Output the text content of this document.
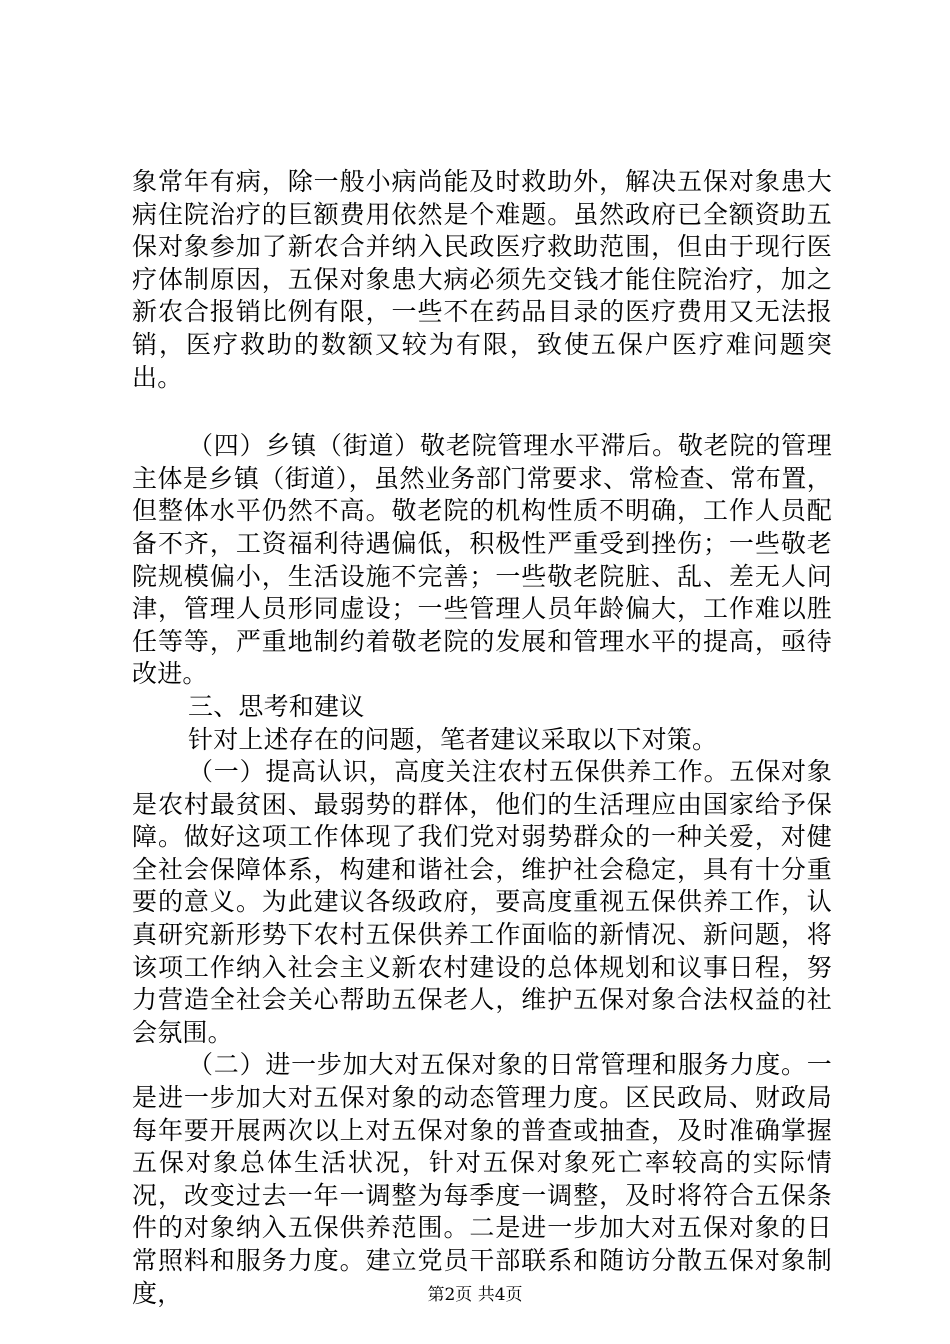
象常年有病，除一般小病尚能及时救助外，解决五保对象患大病住院治疗的巨额费用依然是个难题。虽然政府已全额资助五保对象参加了新农合并纳入民政医疗救助范围，但由于现行医疗体制原因，五保对象患大病必须先交钱才能住院治疗，加之新农合报销比例有限，一些不在药品目录的医疗费用又无法报销，医疗救助的数额又较为有限，致使五保户医疗难问题突出。

（四）乡镇（街道）敬老院管理水平滞后。敬老院的管理主体是乡镇（街道），虽然业务部门常要求、常检查、常布置，但整体水平仍然不高。敬老院的机构性质不明确，工作人员配备不齐，工资福利待遇偏低，积极性严重受到挫伤；一些敬老院规模偏小，生活设施不完善；一些敬老院脏、乱、差无人问津，管理人员形同虚设；一些管理人员年龄偏大，工作难以胜任等等，严重地制约着敬老院的发展和管理水平的提高，亟待改进。

三、思考和建议

针对上述存在的问题，笔者建议采取以下对策。

（一）提高认识，高度关注农村五保供养工作。五保对象是农村最贫困、最弱势的群体，他们的生活理应由国家给予保障。做好这项工作体现了我们党对弱势群众的一种关爱，对健全社会保障体系，构建和谐社会，维护社会稳定，具有十分重要的意义。为此建议各级政府，要高度重视五保供养工作，认真研究新形势下农村五保供养工作面临的新情况、新问题，将该项工作纳入社会主义新农村建设的总体规划和议事日程，努力营造全社会关心帮助五保老人，维护五保对象合法权益的社会氛围。

（二）进一步加大对五保对象的日常管理和服务力度。一是进一步加大对五保对象的动态管理力度。区民政局、财政局每年要开展两次以上对五保对象的普查或抽查，及时准确掌握五保对象总体生活状况，针对五保对象死亡率较高的实际情况，改变过去一年一调整为每季度一调整，及时将符合五保条件的对象纳入五保供养范围。二是进一步加大对五保对象的日常照料和服务力度。建立党员干部联系和随访分散五保对象制度，	第2页 共4页
